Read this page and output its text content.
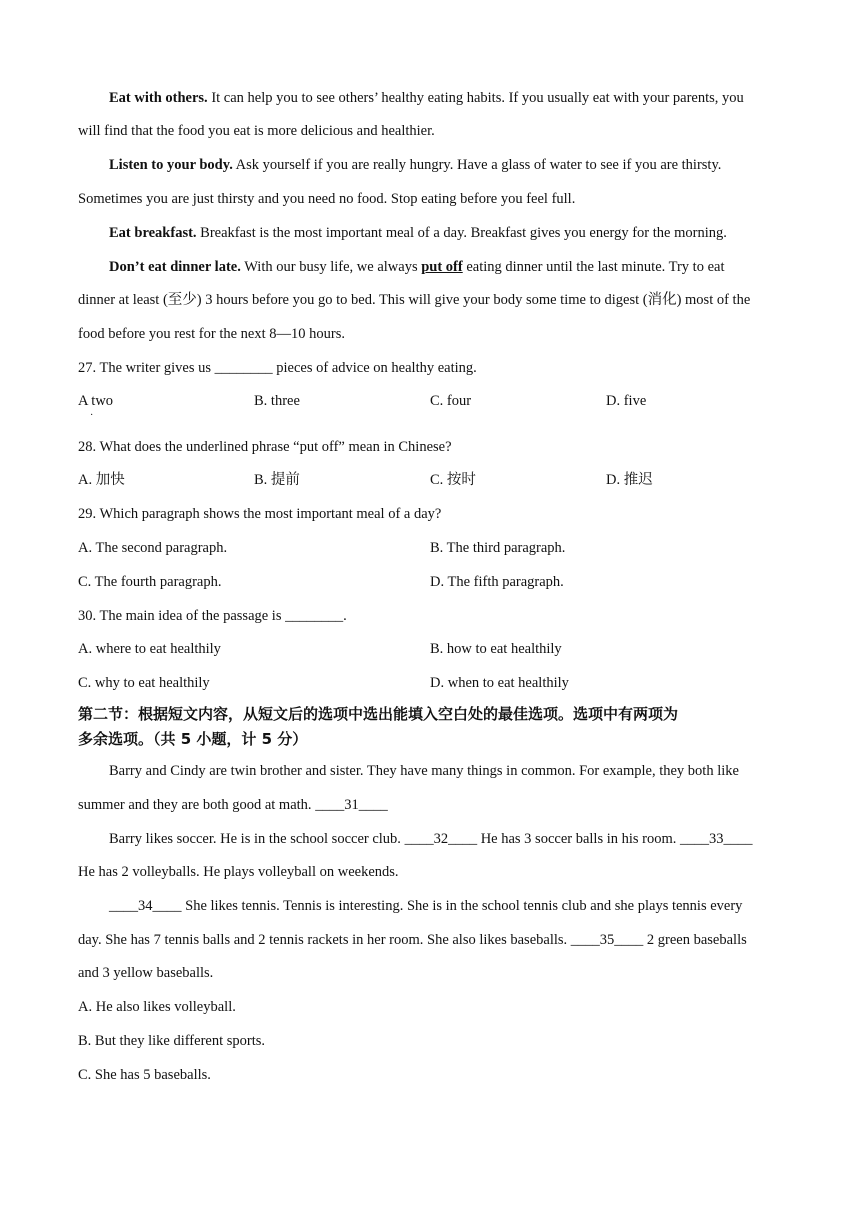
Eat with others. It can help you to see others’ healthy eating habits. If you usually eat with your parents, you
will find that the food you eat is more delicious and healthier.
Listen to your body. Ask yourself if you are really hungry. Have a glass of water to see if you are thirsty.
Sometimes you are just thirsty and you need no food. Stop eating before you feel full.
Eat breakfast. Breakfast is the most important meal of a day. Breakfast gives you energy for the morning.
Don’t eat dinner late. With our busy life, we always put off eating dinner until the last minute. Try to eat
dinner at least (至少) 3 hours before you go to bed. This will give your body some time to digest (消化) most of the
food before you rest for the next 8—10 hours.
27. The writer gives us ________ pieces of advice on healthy eating.
A two
·
B. three	C. four	D. five
28. What does the underlined phrase “put off” mean in Chinese?
A. 加快	B. 提前	C. 按时	D. 推迟
29. Which paragraph shows the most important meal of a day?
A. The second paragraph.	B. The third paragraph.
C. The fourth paragraph.	D. The fifth paragraph.
30. The main idea of the passage is ________.
A. where to eat healthily	B. how to eat healthily
C. why to eat healthily	D. when to eat healthily
第二节：根据短文内容，从短文后的选项中选出能填入空白处的最佳选项。选项中有两项为
多余选项。（共 5 小题，计 5 分）
Barry and Cindy are twin brother and sister. They have many things in common. For example, they both like
summer and they are both good at math. ____31____
Barry likes soccer. He is in the school soccer club. ____32____ He has 3 soccer balls in his room. ____33____
He has 2 volleyballs. He plays volleyball on weekends.
____34____ She likes tennis. Tennis is interesting. She is in the school tennis club and she plays tennis every
day. She has 7 tennis balls and 2 tennis rackets in her room. She also likes baseballs. ____35____ 2 green baseballs
and 3 yellow baseballs.
A. He also likes volleyball.
B. But they like different sports.
C. She has 5 baseballs.
